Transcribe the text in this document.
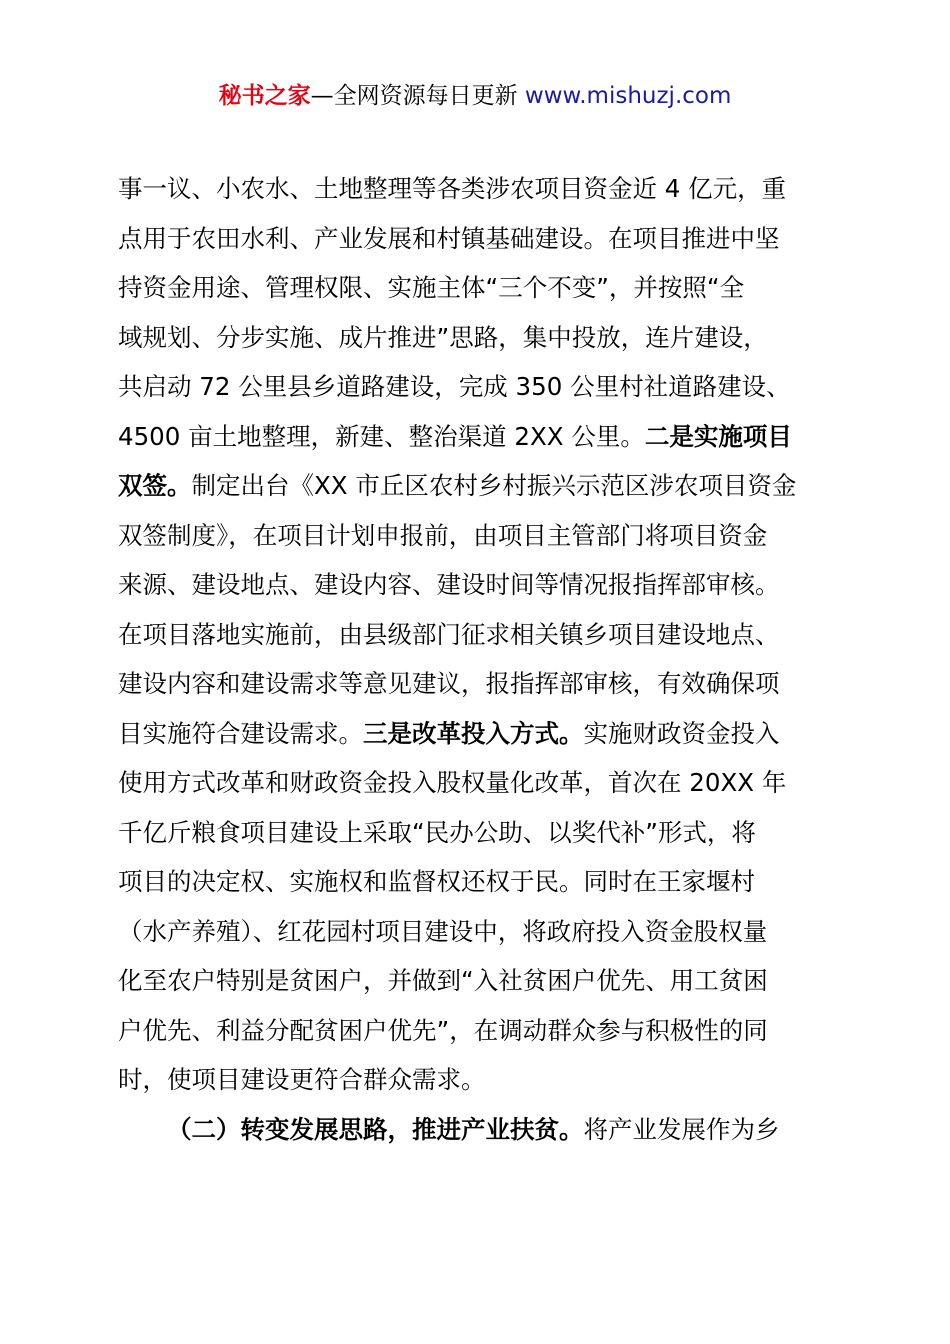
秘书之家—全网资源每日更新 www.mishuzj.com
事一议、小农水、土地整理等各类涉农项目资金近 4 亿元，重
点用于农田水利、产业发展和村镇基础建设。在项目推进中坚
持资金用途、管理权限、实施主体“三个不变”，并按照“全
域规划、分步实施、成片推进”思路，集中投放，连片建设，
共启动 72 公里县乡道路建设，完成 350 公里村社道路建设、
4500 亩土地整理，新建、整治渠道 2XX 公里。二是实施项目
双签。制定出台《XX 市丘区农村乡村振兴示范区涉农项目资金
双签制度》，在项目计划申报前，由项目主管部门将项目资金
来源、建设地点、建设内容、建设时间等情况报指挥部审核。
在项目落地实施前，由县级部门征求相关镇乡项目建设地点、
建设内容和建设需求等意见建议，报指挥部审核，有效确保项
目实施符合建设需求。三是改革投入方式。实施财政资金投入
使用方式改革和财政资金投入股权量化改革，首次在 20XX 年
千亿斤粮食项目建设上采取“民办公助、以奖代补”形式，将
项目的决定权、实施权和监督权还权于民。同时在王家堰村
（水产养殖）、红花园村项目建设中，将政府投入资金股权量
化至农户特别是贫困户，并做到“入社贫困户优先、用工贫困
户优先、利益分配贫困户优先”，在调动群众参与积极性的同
时，使项目建设更符合群众需求。
（二）转变发展思路，推进产业扶贫。将产业发展作为乡
